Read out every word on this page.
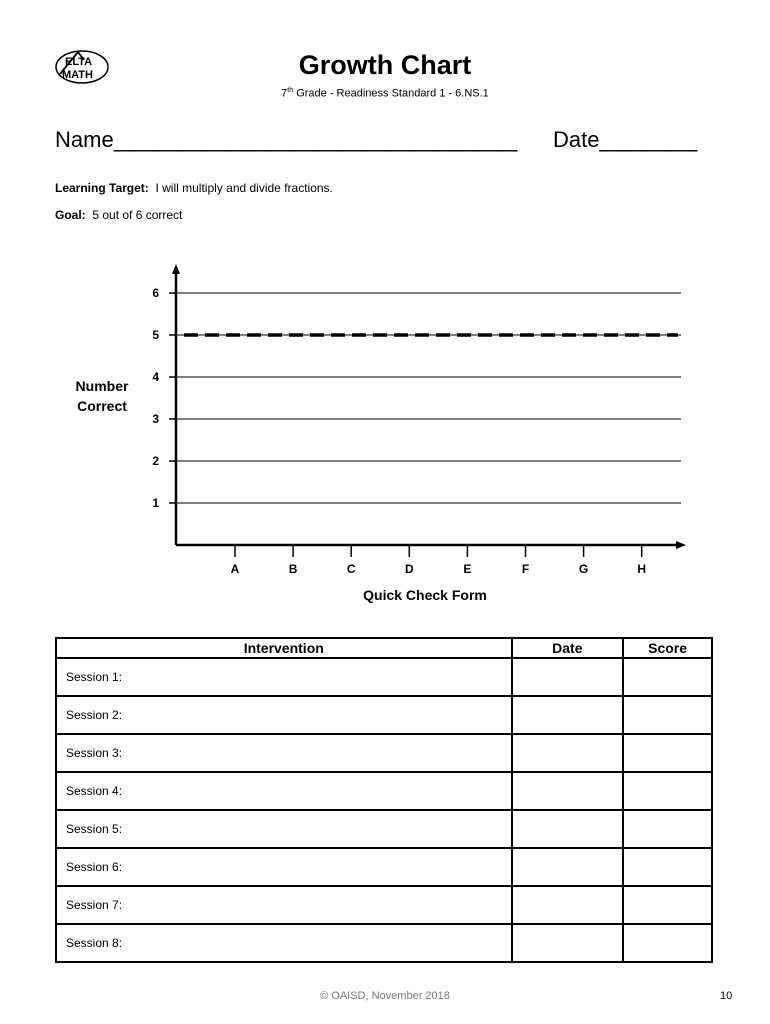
ELTA
MATH	Growth Chart
7th Grade - Readiness Standard 1 - 6.NS.1
Name_________________________________ Date________
Learning Target: I will multiply and divide fractions.
Goal: 5 out of 6 correct
1
2
3
4
5
6
A	B	C	D	E	F	G	H
Number Correct
Quick Check Form
Intervention	Date	Score
Session 1:		
Session 2:		
Session 3:		
Session 4:		
Session 5:		
Session 6:		
Session 7:		
Session 8:		
© OAISD, November 2018	10
